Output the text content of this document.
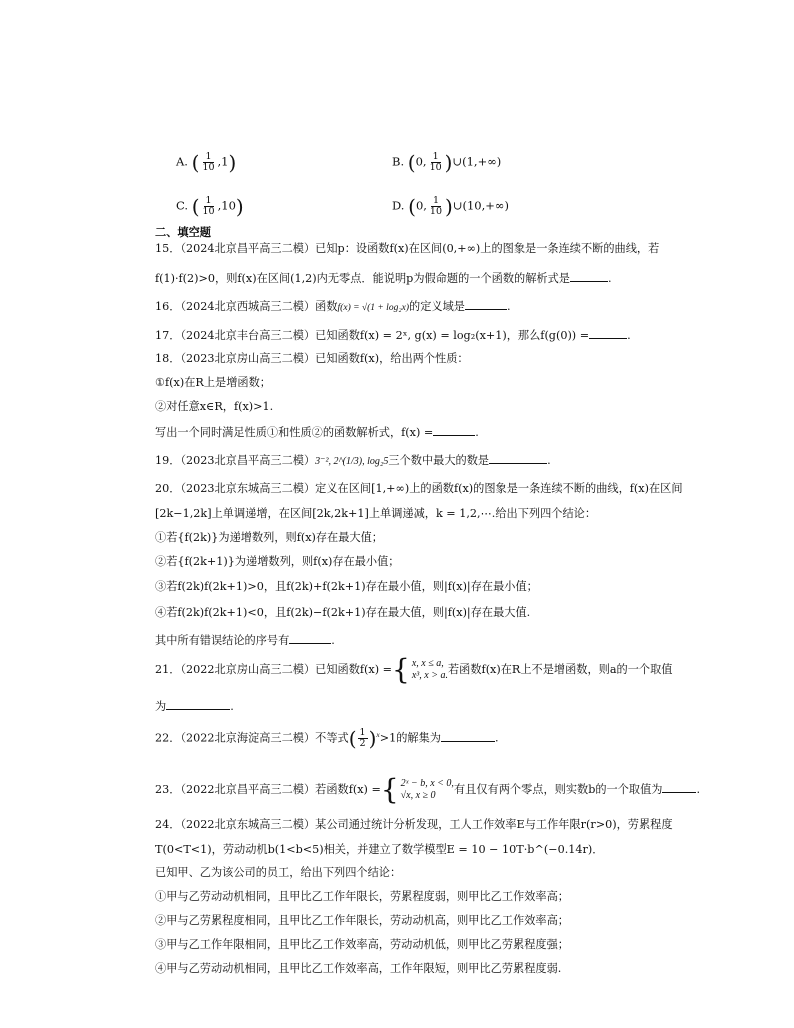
A. ( $\frac{1}{10} ,1$)	B. (0, $\frac{1}{10}$ )∪(1,+∞)
C. ( $\frac{1}{10} ,10$)	D. (0, $\frac{1}{10}$ )∪(10,+∞)
二、填空题
15．（2024北京昌平高三二模）已知p：设函数f(x)在区间(0,+∞)上的图象是一条连续不断的曲线，若
f(1)·f(2)>0，则f(x)在区间(1,2)内无零点．能说明p为假命题的一个函数的解析式是	.
16．（2024北京西城高三二模）函数f(x) = √(1 + log₂x)的定义域是	.
17．（2024北京丰台高三二模）已知函数f(x) = 2ˣ, g(x) = log₂(x+1)，那么f(g(0)) =	.
18．（2023北京房山高三二模）已知函数f(x)，给出两个性质：
①f(x)在R上是增函数；
②对任意x∈R，f(x)>1.
写出一个同时满足性质①和性质②的函数解析式，f(x) =	.
19．（2023北京昌平高三二模）3⁻², 2^(1/3), log₂5三个数中最大的数是	.
20．（2023北京东城高三二模）定义在区间[1,+∞)上的函数f(x)的图象是一条连续不断的曲线，f(x)在区间
[2k−1,2k]上单调递增，在区间[2k,2k+1]上单调递减，k = 1,2,⋯.给出下列四个结论：
①若{f(2k)}为递增数列，则f(x)存在最大值；
②若{f(2k+1)}为递增数列，则f(x)存在最小值；
③若f(2k)f(2k+1)>0，且f(2k)+f(2k+1)存在最小值，则|f(x)|存在最小值；
④若f(2k)f(2k+1)<0，且f(2k)−f(2k+1)存在最大值，则|f(x)|存在最大值.
其中所有错误结论的序号有	.
21．（2022北京房山高三二模）已知函数f(x) = { x, x ≤ a,
x³, x > a. 若函数f(x)在R上不是增函数，则a的一个取值
为	.
22．（2022北京海淀高三二模）不等式( $\frac{1}{2} )^x>1$的解集为	.
23．（2022北京昌平高三二模）若函数f(x) = { 2ˣ − b, x < 0,
√x, x ≥ 0	有且仅有两个零点，则实数b的一个取值为	.
24．（2022北京东城高三二模）某公司通过统计分析发现，工人工作效率E与工作年限r(r>0)，劳累程度
T(0<T<1)，劳动动机b(1<b<5)相关，并建立了数学模型E = 10 − 10T·b^(−0.14r)．
已知甲、乙为该公司的员工，给出下列四个结论：
①甲与乙劳动动机相同，且甲比乙工作年限长，劳累程度弱，则甲比乙工作效率高；
②甲与乙劳累程度相同，且甲比乙工作年限长，劳动动机高，则甲比乙工作效率高；
③甲与乙工作年限相同，且甲比乙工作效率高，劳动动机低，则甲比乙劳累程度强；
④甲与乙劳动动机相同，且甲比乙工作效率高，工作年限短，则甲比乙劳累程度弱.
